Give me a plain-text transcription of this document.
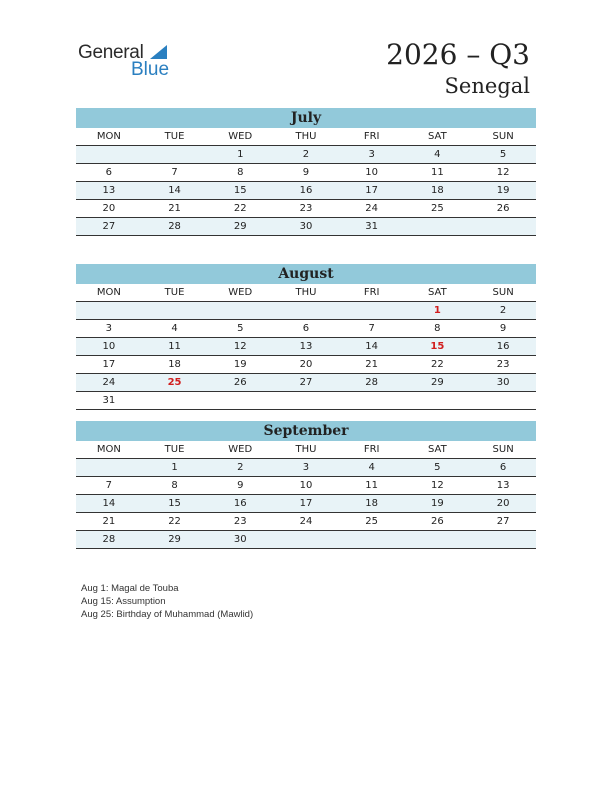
General
Blue	2026 – Q3
Senegal
July
MON	TUE	WED	THU	FRI	SAT	SUN
		1	2	3	4	5
6	7	8	9	10	11	12
13	14	15	16	17	18	19
20	21	22	23	24	25	26
27	28	29	30	31		
August
MON	TUE	WED	THU	FRI	SAT	SUN
					1	2
3	4	5	6	7	8	9
10	11	12	13	14	15	16
17	18	19	20	21	22	23
24	25	26	27	28	29	30
31						
September
MON	TUE	WED	THU	FRI	SAT	SUN
	1	2	3	4	5	6
7	8	9	10	11	12	13
14	15	16	17	18	19	20
21	22	23	24	25	26	27
28	29	30				
Aug 1: Magal de Touba
Aug 15: Assumption
Aug 25: Birthday of Muhammad (Mawlid)
